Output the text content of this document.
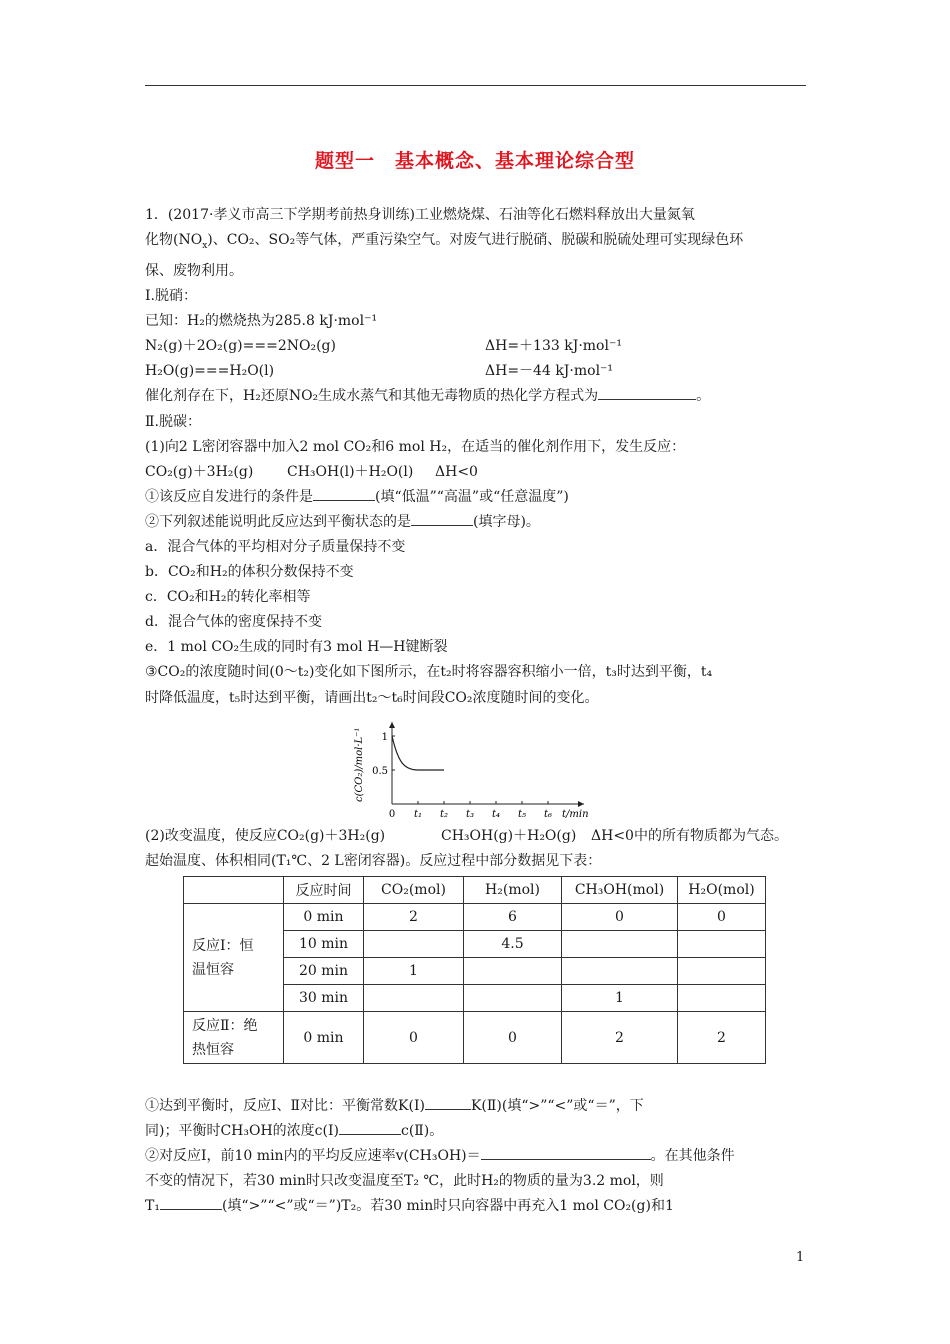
题型一　基本概念、基本理论综合型

1．(2017·孝义市高三下学期考前热身训练)工业燃烧煤、石油等化石燃料释放出大量氮氧

化物$(NO_x)$、CO₂、SO₂等气体，严重污染空气。对废气进行脱硝、脱碳和脱硫处理可实现绿色环

保、废物利用。

Ⅰ.脱硝：

已知：H₂的燃烧热为285.8 kJ·mol⁻¹

N₂(g)＋2O₂(g)===2NO₂(g)	ΔH=＋133 kJ·mol⁻¹

H₂O(g)===H₂O(l)	ΔH=－44 kJ·mol⁻¹

催化剂存在下，H₂还原NO₂生成水蒸气和其他无毒物质的热化学方程式为	。

Ⅱ.脱碳：

(1)向2 L密闭容器中加入2 mol CO₂和6 mol H₂，在适当的催化剂作用下，发生反应：

CO₂(g)＋3H₂(g) CH₃OH(l)＋H₂O(l) ΔH<0

①该反应自发进行的条件是	(填“低温”“高温”或“任意温度”)

②下列叙述能说明此反应达到平衡状态的是	(填字母)。

a．混合气体的平均相对分子质量保持不变

b．CO₂和H₂的体积分数保持不变

c．CO₂和H₂的转化率相等

d．混合气体的密度保持不变

e．1 mol CO₂生成的同时有3 mol H—H键断裂

③CO₂的浓度随时间(0～t₂)变化如下图所示，在t₂时将容器容积缩小一倍，t₃时达到平衡，t₄

时降低温度，t₅时达到平衡，请画出t₂～t₆时间段CO₂浓度随时间的变化。

c(CO₂)/mol·L⁻¹ 0.5
1
0 t₁ t₂ t₃ t₄ t₅ t₆ t/min

(2)改变温度，使反应CO₂(g)＋3H₂(g)	CH₃OH(g)＋H₂O(g) ΔH<0中的所有物质都为气态。

起始温度、体积相同(T₁℃、2 L密闭容器)。反应过程中部分数据见下表：

	反应时间	CO₂(mol)	H₂(mol)	CH₃OH(mol)	H₂O(mol)
反应Ⅰ：恒
温恒容	0 min	2	6	0	0
	10 min		4.5		
	20 min	1			
	30 min			1	
反应Ⅱ：绝
热恒容	0 min	0	0	2	2

①达到平衡时，反应Ⅰ、Ⅱ对比：平衡常数K(Ⅰ)	K(Ⅱ)(填“>”“<”或“＝”，下

同)；平衡时CH₃OH的浓度c(Ⅰ)	c(Ⅱ)。

②对反应Ⅰ，前10 min内的平均反应速率v(CH₃OH)＝	。在其他条件

不变的情况下，若30 min时只改变温度至T₂ ℃，此时H₂的物质的量为3.2 mol，则

T₁	(填“>”“<”或“＝”)T₂。若30 min时只向容器中再充入1 mol CO₂(g)和1

1
